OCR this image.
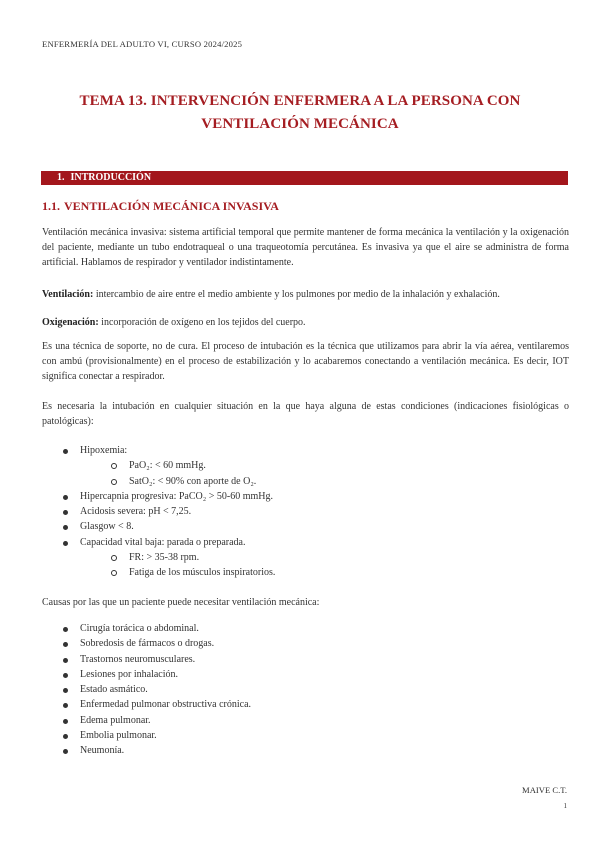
ENFERMERÍA DEL ADULTO VI, CURSO 2024/2025
TEMA 13. INTERVENCIÓN ENFERMERA A LA PERSONA CON
VENTILACIÓN MECÁNICA
1. INTRODUCCIÓN
1.1. VENTILACIÓN MECÁNICA INVASIVA
Ventilación mecánica invasiva: sistema artificial temporal que permite mantener de forma mecánica la ventilación y la oxigenación del paciente, mediante un tubo endotraqueal o una traqueotomía percutánea. Es invasiva ya que el aire se administra de forma artificial. Hablamos de respirador y ventilador indistintamente.
Ventilación: intercambio de aire entre el medio ambiente y los pulmones por medio de la inhalación y exhalación.
Oxigenación: incorporación de oxígeno en los tejidos del cuerpo.
Es una técnica de soporte, no de cura. El proceso de intubación es la técnica que utilizamos para abrir la vía aérea, ventilaremos con ambú (provisionalmente) en el proceso de estabilización y lo acabaremos conectando a ventilación mecánica. Es decir, IOT significa conectar a respirador.
Es necesaria la intubación en cualquier situación en la que haya alguna de estas condiciones (indicaciones fisiológicas o patológicas):
Hipoxemia:
PaO₂: < 60 mmHg.
SatO₂: < 90% con aporte de O₂.
Hipercapnia progresiva: PaCO₂ > 50-60 mmHg.
Acidosis severa: pH < 7,25.
Glasgow < 8.
Capacidad vital baja: parada o preparada.
FR: > 35-38 rpm.
Fatiga de los músculos inspiratorios.
Causas por las que un paciente puede necesitar ventilación mecánica:
Cirugía torácica o abdominal.
Sobredosis de fármacos o drogas.
Trastornos neuromusculares.
Lesiones por inhalación.
Estado asmático.
Enfermedad pulmonar obstructiva crónica.
Edema pulmonar.
Embolia pulmonar.
Neumonía.
MAIVE C.T.
1
